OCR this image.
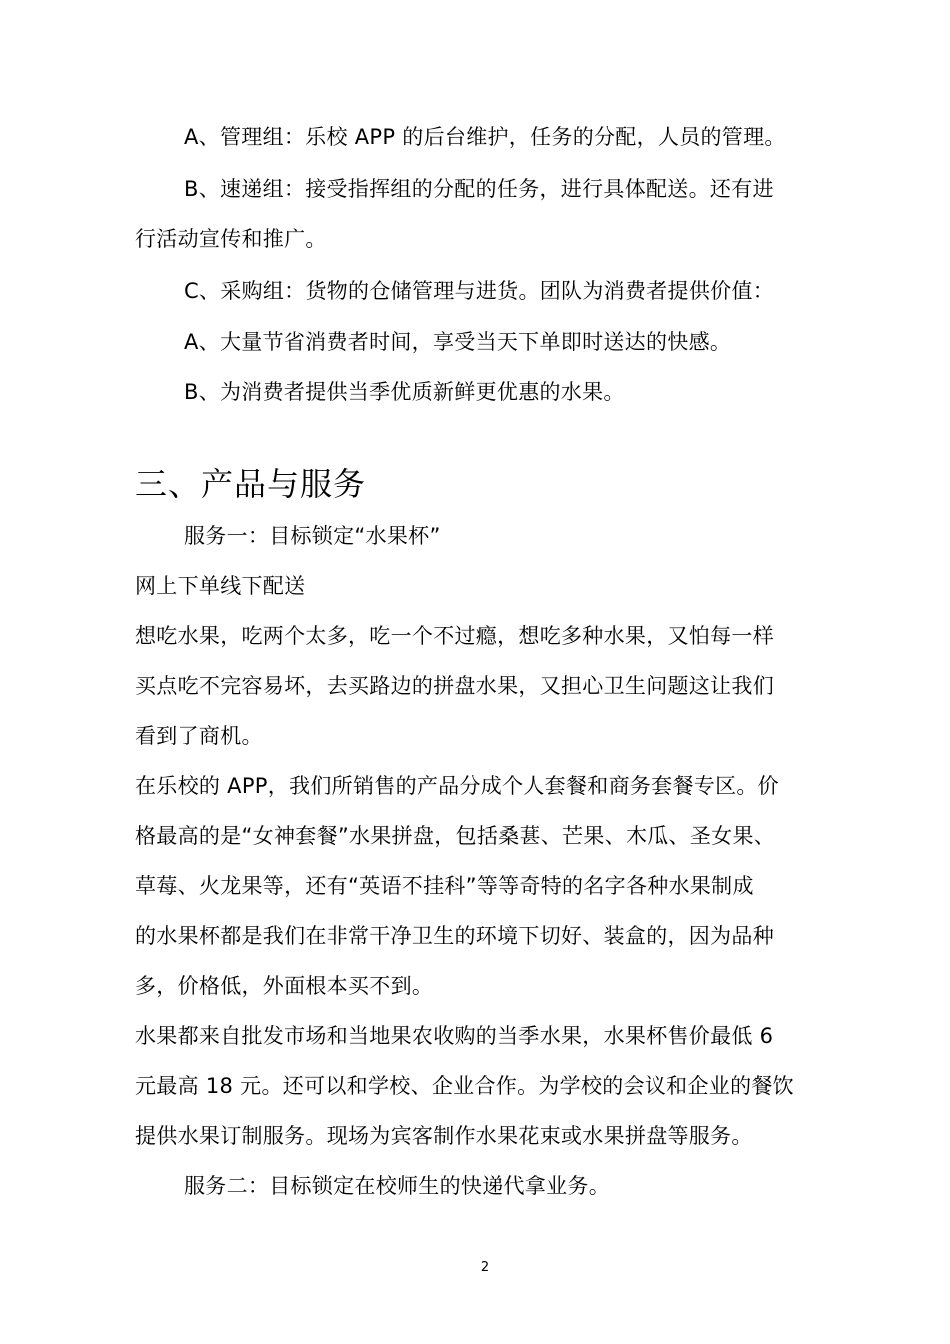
A、管理组：乐校 APP 的后台维护，任务的分配，人员的管理。
B、速递组：接受指挥组的分配的任务，进行具体配送。还有进
行活动宣传和推广。
C、采购组：货物的仓储管理与进货。团队为消费者提供价值：
A、大量节省消费者时间，享受当天下单即时送达的快感。
B、为消费者提供当季优质新鲜更优惠的水果。
三、产品与服务
服务一：目标锁定“水果杯”
网上下单线下配送
想吃水果，吃两个太多，吃一个不过瘾，想吃多种水果，又怕每一样
买点吃不完容易坏，去买路边的拼盘水果，又担心卫生问题这让我们
看到了商机。
在乐校的 APP，我们所销售的产品分成个人套餐和商务套餐专区。价
格最高的是“女神套餐”水果拼盘，包括桑葚、芒果、木瓜、圣女果、
草莓、火龙果等，还有“英语不挂科”等等奇特的名字各种水果制成
的水果杯都是我们在非常干净卫生的环境下切好、装盒的，因为品种
多，价格低，外面根本买不到。
水果都来自批发市场和当地果农收购的当季水果，水果杯售价最低 6
元最高 18 元。还可以和学校、企业合作。为学校的会议和企业的餐饮
提供水果订制服务。现场为宾客制作水果花束或水果拼盘等服务。
服务二：目标锁定在校师生的快递代拿业务。
2
